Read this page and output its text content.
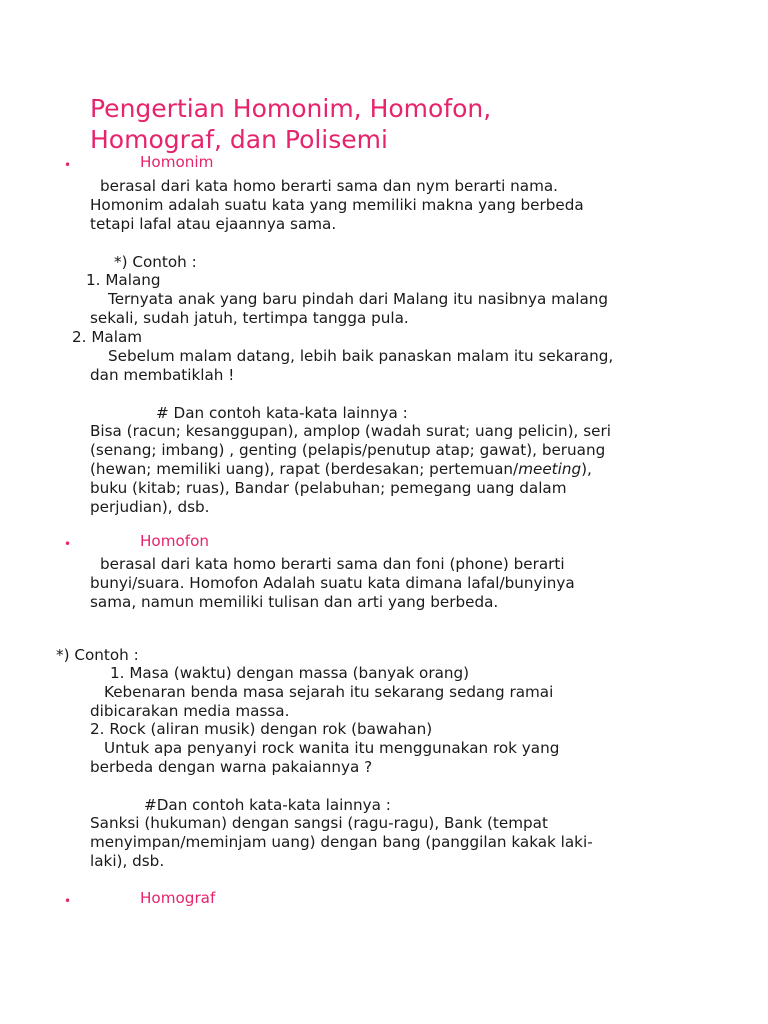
Pengertian Homonim, Homofon,
Homograf, dan Polisemi
•	Homonim
berasal dari kata homo berarti sama dan nym berarti nama.
Homonim adalah suatu kata yang memiliki makna yang berbeda
tetapi lafal atau ejaannya sama.
*) Contoh :
1. Malang
Ternyata anak yang baru pindah dari Malang itu nasibnya malang
sekali, sudah jatuh, tertimpa tangga pula.
2. Malam
Sebelum malam datang, lebih baik panaskan malam itu sekarang,
dan membatiklah !
# Dan contoh kata-kata lainnya :
Bisa (racun; kesanggupan), amplop (wadah surat; uang pelicin), seri
(senang; imbang) , genting (pelapis/penutup atap; gawat), beruang
(hewan; memiliki uang), rapat (berdesakan; pertemuan/meeting),
buku (kitab; ruas), Bandar (pelabuhan; pemegang uang dalam
perjudian), dsb.
•	Homofon
berasal dari kata homo berarti sama dan foni (phone) berarti
bunyi/suara. Homofon Adalah suatu kata dimana lafal/bunyinya
sama, namun memiliki tulisan dan arti yang berbeda.
*) Contoh :
1. Masa (waktu) dengan massa (banyak orang)
Kebenaran benda masa sejarah itu sekarang sedang ramai
dibicarakan media massa.
2. Rock (aliran musik) dengan rok (bawahan)
Untuk apa penyanyi rock wanita itu menggunakan rok yang
berbeda dengan warna pakaiannya ?
#Dan contoh kata-kata lainnya :
Sanksi (hukuman) dengan sangsi (ragu-ragu), Bank (tempat
menyimpan/meminjam uang) dengan bang (panggilan kakak laki-
laki), dsb.
•	Homograf
